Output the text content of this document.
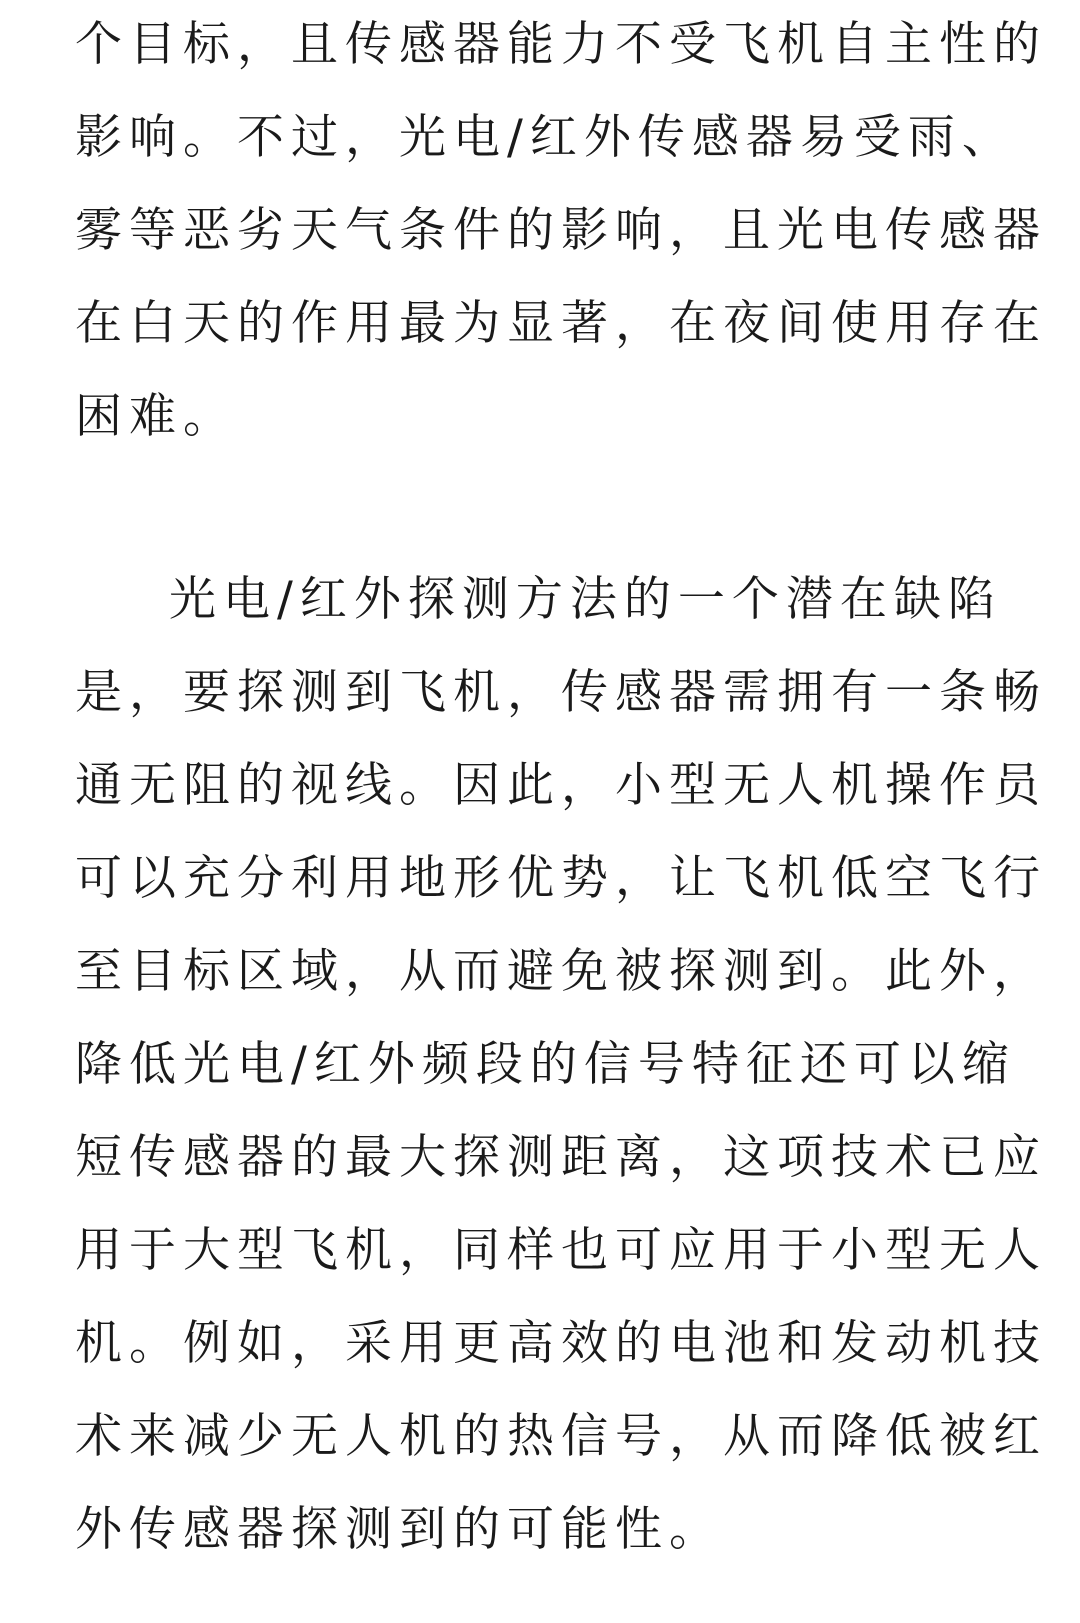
个目标，且传感器能力不受飞机自主性的

影响。不过，光电/红外传感器易受雨、

雾等恶劣天气条件的影响，且光电传感器

在白天的作用最为显著，在夜间使用存在

困难。

光电/红外探测方法的一个潜在缺陷

是，要探测到飞机，传感器需拥有一条畅

通无阻的视线。因此，小型无人机操作员

可以充分利用地形优势，让飞机低空飞行

至目标区域，从而避免被探测到。此外，

降低光电/红外频段的信号特征还可以缩

短传感器的最大探测距离，这项技术已应

用于大型飞机，同样也可应用于小型无人

机。例如，采用更高效的电池和发动机技

术来减少无人机的热信号，从而降低被红

外传感器探测到的可能性。
